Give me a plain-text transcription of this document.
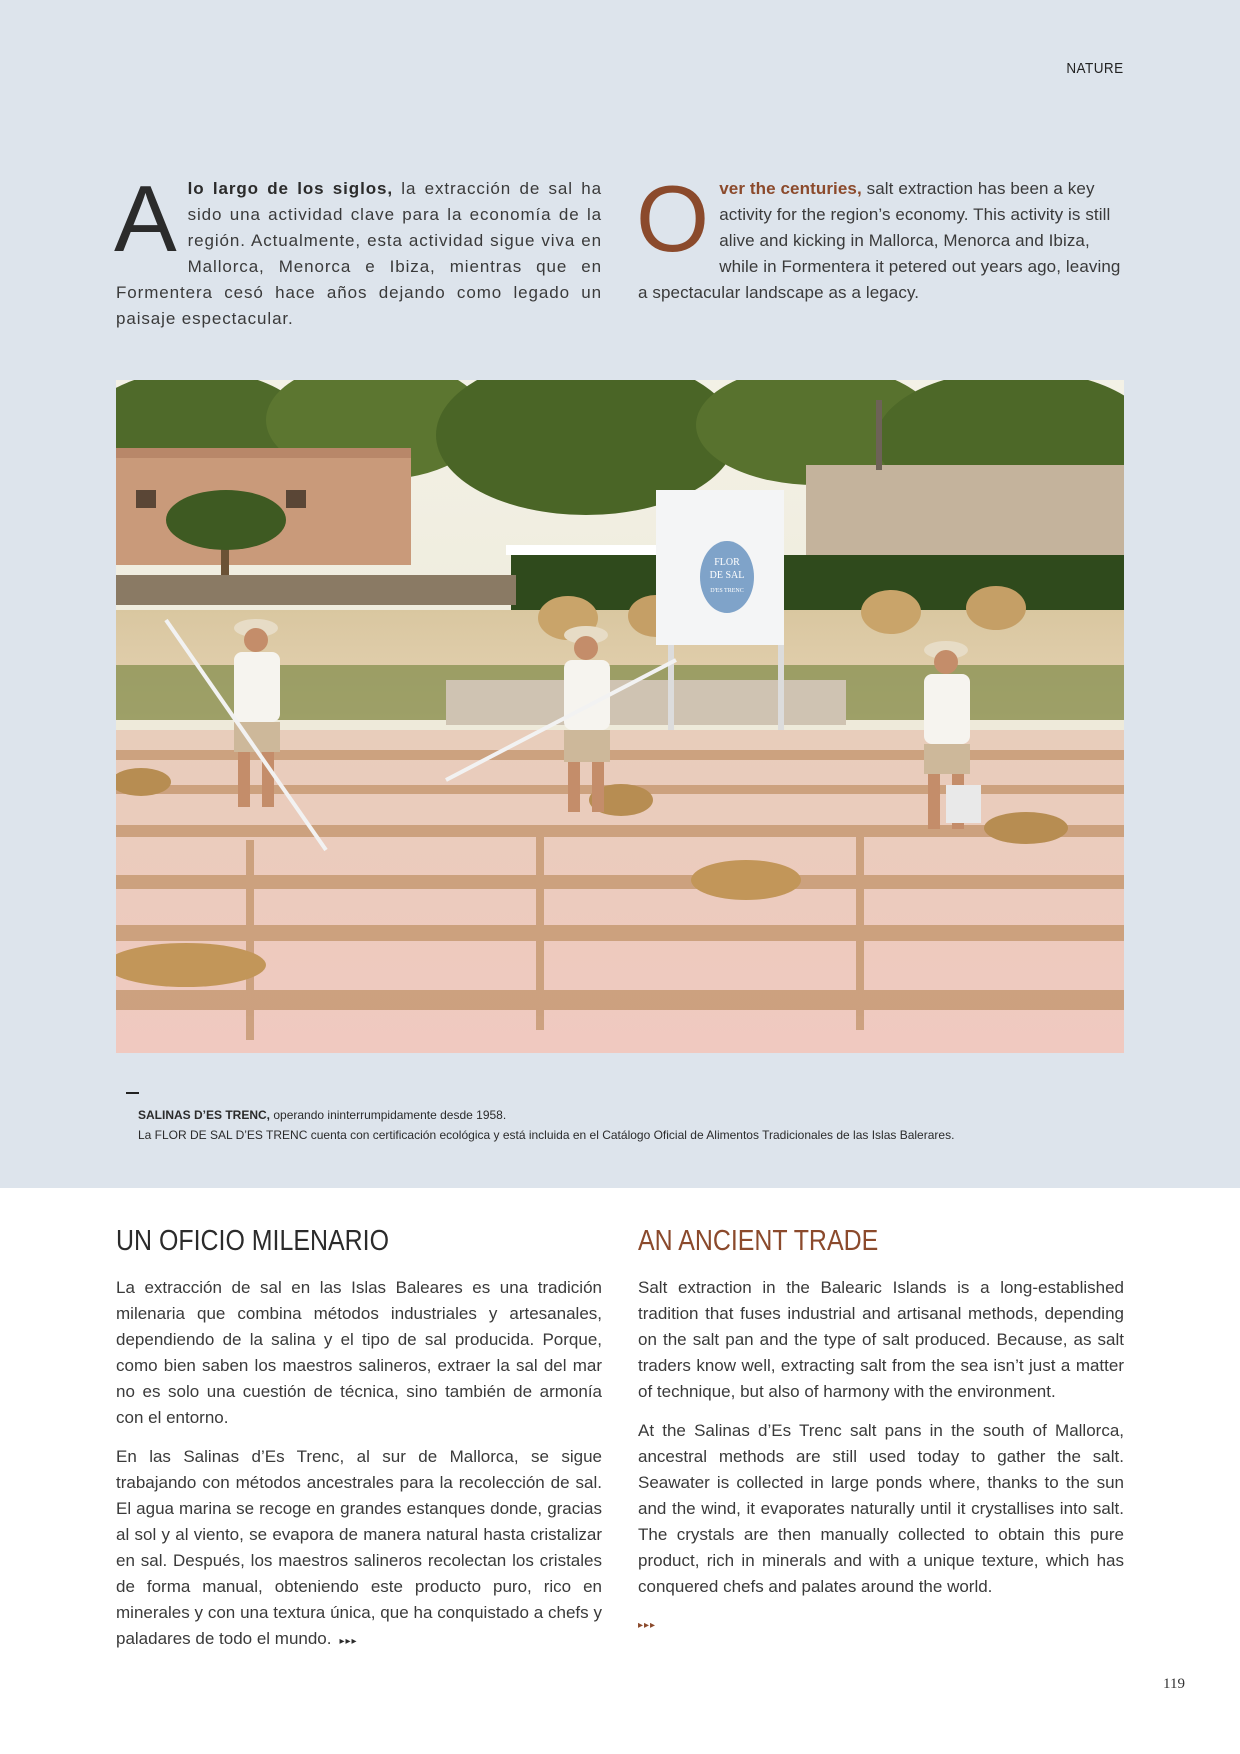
NATURE
Alo largo de los siglos, la extracción de sal ha sido una actividad clave para la economía de la región. Actualmente, esta actividad sigue viva en Mallorca, Menorca e Ibiza, mientras que en Formentera cesó hace años dejando como legado un paisaje espectacular.
Over the centuries, salt extraction has been a key activity for the region’s economy. This activity is still alive and kicking in Mallorca, Menorca and Ibiza, while in Formentera it petered out years ago, leaving a spectacular landscape as a legacy.
FLOR
DE SAL
D'ES TRENC
SALINAS D’ES TRENC, operando ininterrumpidamente desde 1958.
La FLOR DE SAL D’ES TRENC cuenta con certificación ecológica y está incluida en el Catálogo Oficial de Alimentos Tradicionales de las Islas Balerares.
UN OFICIO MILENARIO	AN ANCIENT TRADE

La extracción de sal en las Islas Baleares es una tradición milenaria que combina métodos industriales y artesanales, dependiendo de la salina y el tipo de sal producida. Porque, como bien saben los maestros salineros, extraer la sal del mar no es solo una cuestión de técnica, sino también de armonía con el entorno.

En las Salinas d’Es Trenc, al sur de Mallorca, se sigue trabajando con métodos ancestrales para la recolección de sal. El agua marina se recoge en grandes estanques donde, gracias al sol y al viento, se evapora de manera natural hasta cristalizar en sal. Después, los maestros salineros recolectan los cristales de forma manual, obteniendo este producto puro, rico en minerales y con una textura única, que ha conquistado a chefs y paladares de todo el mundo. ▸▸▸

Salt extraction in the Balearic Islands is a long-established tradition that fuses industrial and artisanal methods, depending on the salt pan and the type of salt produced. Because, as salt traders know well, extracting salt from the sea isn’t just a matter of technique, but also of harmony with the environment.

At the Salinas d’Es Trenc salt pans in the south of Mallorca, ancestral methods are still used today to gather the salt. Seawater is collected in large ponds where, thanks to the sun and the wind, it evaporates naturally until it crystallises into salt. The crystals are then manually collected to obtain this pure product, rich in minerals and with a unique texture, which has conquered chefs and palates around the world.

▸▸▸
119
